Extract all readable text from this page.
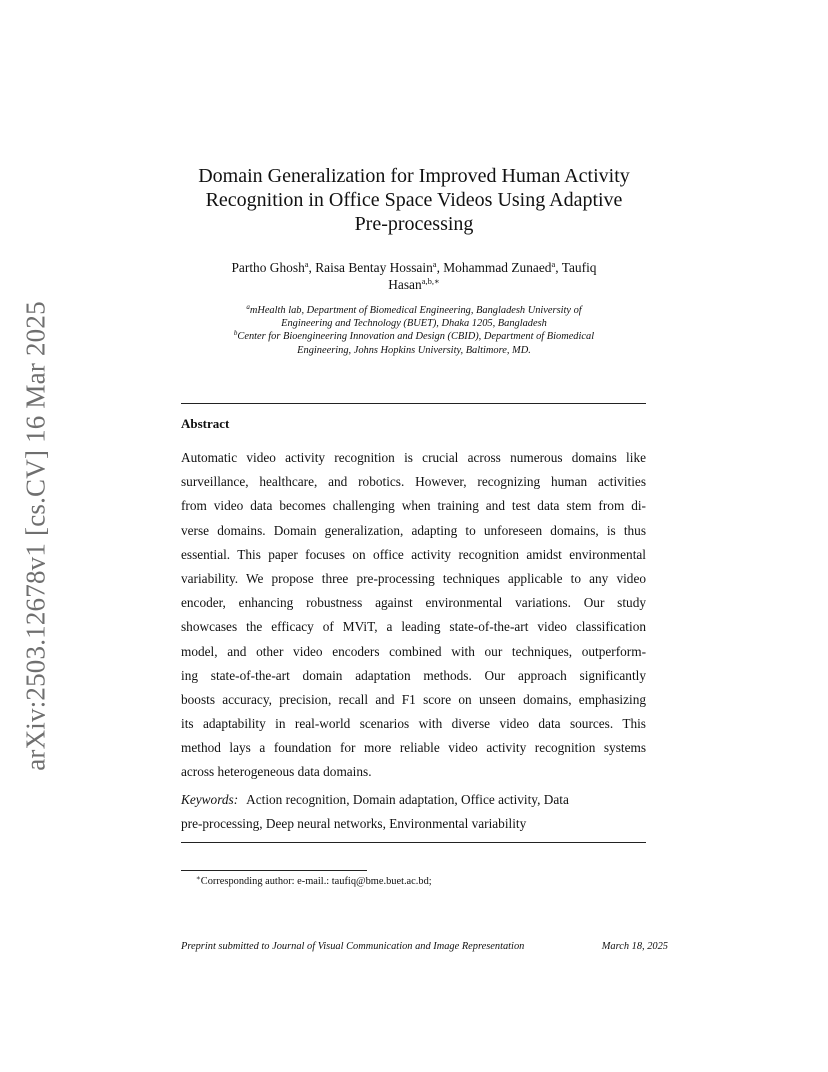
arXiv:2503.12678v1 [cs.CV] 16 Mar 2025
Domain Generalization for Improved Human Activity
Recognition in Office Space Videos Using Adaptive
Pre-processing
Partho Ghosh$^a$, Raisa Bentay Hossain$^a$, Mohammad Zunaed$^a$, Taufiq
Hasan$^{a,b,∗}$
$^a$mHealth lab, Department of Biomedical Engineering, Bangladesh University of
Engineering and Technology (BUET), Dhaka 1205, Bangladesh
$^b$Center for Bioengineering Innovation and Design (CBID), Department of Biomedical
Engineering, Johns Hopkins University, Baltimore, MD.
Abstract
Automatic video activity recognition is crucial across numerous domains like
surveillance, healthcare, and robotics. However, recognizing human activities
from video data becomes challenging when training and test data stem from di-
verse domains. Domain generalization, adapting to unforeseen domains, is thus
essential. This paper focuses on office activity recognition amidst environmental
variability. We propose three pre-processing techniques applicable to any video
encoder, enhancing robustness against environmental variations. Our study
showcases the efficacy of MViT, a leading state-of-the-art video classification
model, and other video encoders combined with our techniques, outperform-
ing state-of-the-art domain adaptation methods. Our approach significantly
boosts accuracy, precision, recall and F1 score on unseen domains, emphasizing
its adaptability in real-world scenarios with diverse video data sources. This
method lays a foundation for more reliable video activity recognition systems
across heterogeneous data domains.
Keywords: Action recognition, Domain adaptation, Office activity, Data
pre-processing, Deep neural networks, Environmental variability
∗Corresponding author: e-mail.: taufiq@bme.buet.ac.bd;
Preprint submitted to Journal of Visual Communication and Image Representation	March 18, 2025
